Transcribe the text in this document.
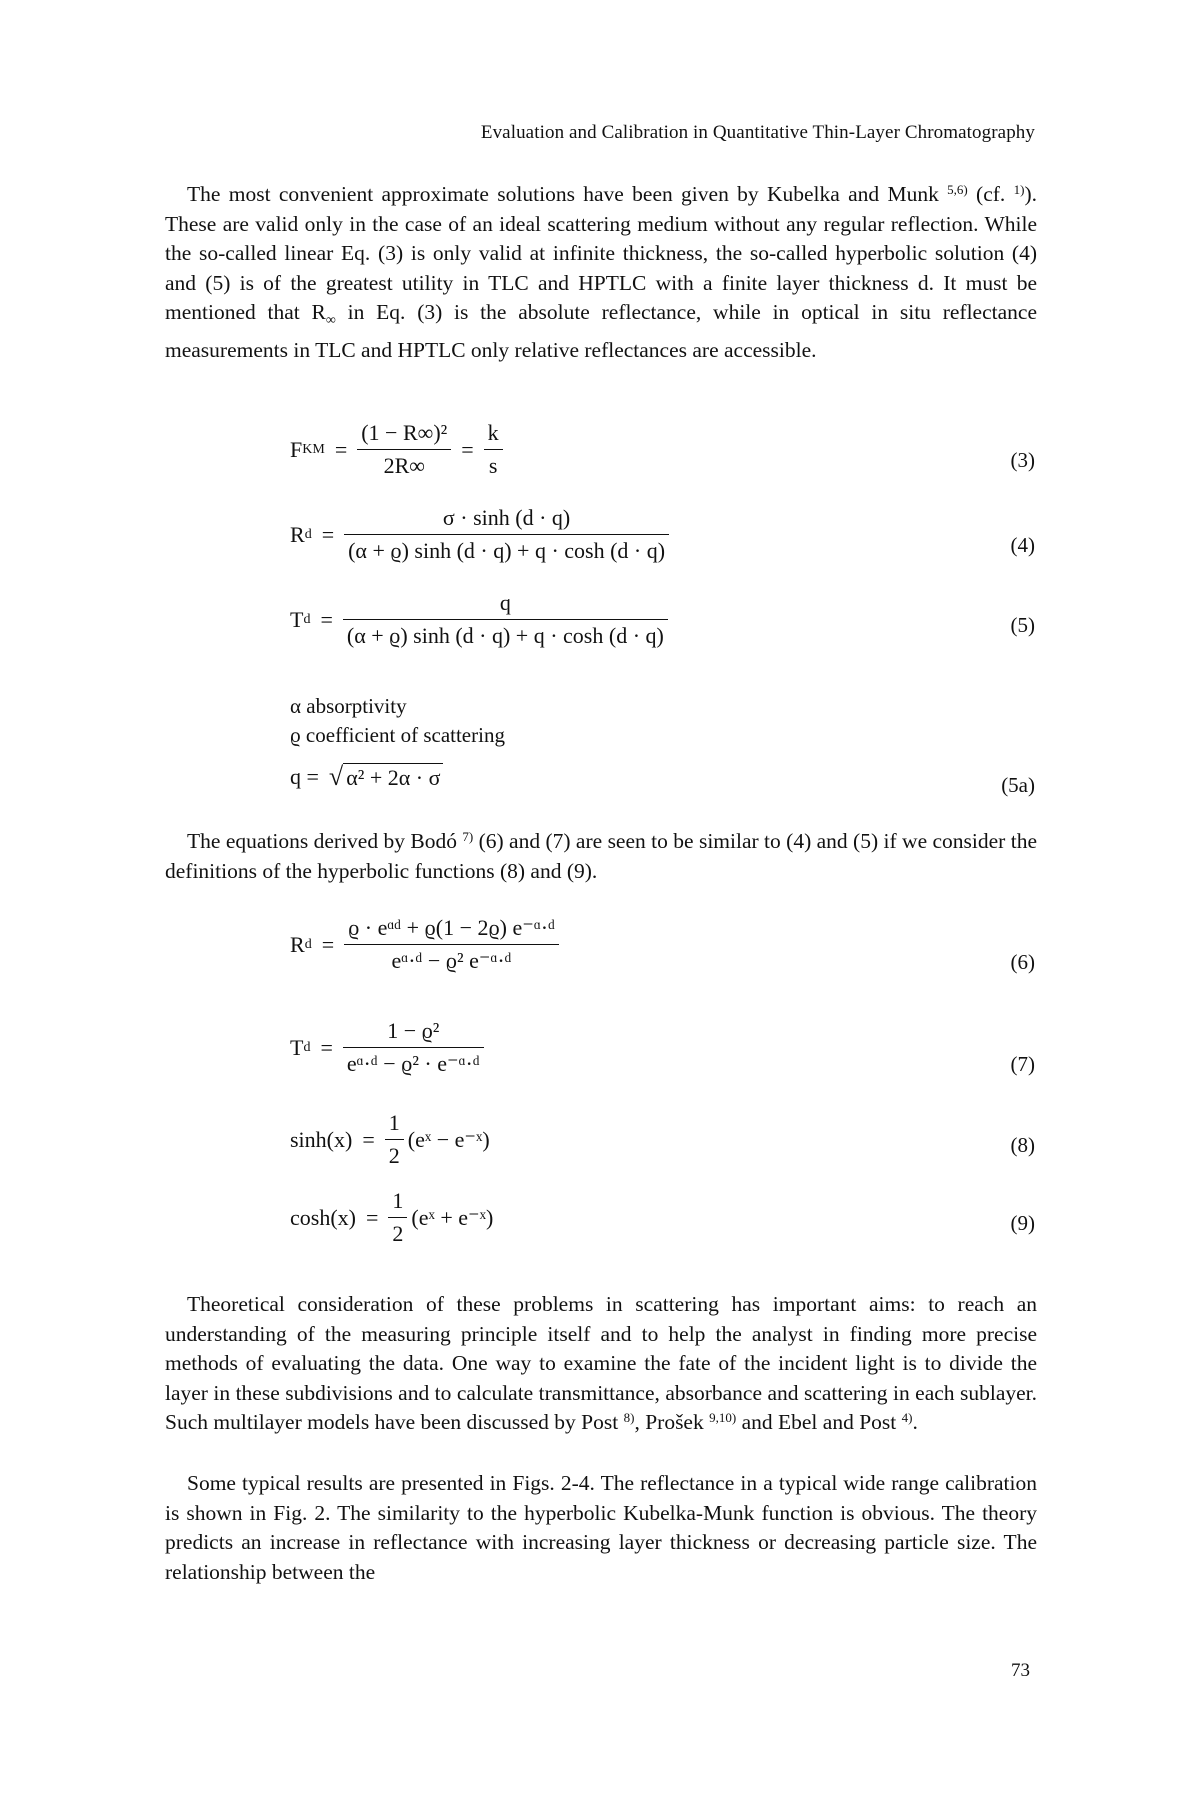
Evaluation and Calibration in Quantitative Thin-Layer Chromatography

The most convenient approximate solutions have been given by Kubelka and Munk $^{5,6)}$ (cf. $^{1)}$). These are valid only in the case of an ideal scattering medium without any regular reflection. While the so-called linear Eq. (3) is only valid at infinite thickness, the so-called hyperbolic solution (4) and (5) is of the greatest utility in TLC and HPTLC with a finite layer thickness d. It must be mentioned that $R_\infty$ in Eq. (3) is the absolute reflectance, while in optical in situ reflectance measurements in TLC and HPTLC only relative reflectances are accessible.

F KM = $\frac{\text{(1 − R∞)²}}{2R\infty} = \frac{k}{s}$	(3)
R $d = \frac{\sigma \cdot \sinh (d \cdot q)}{(\alpha + ϱ) \sinh (d \cdot q) + q \cdot \cosh (d \cdot q)}$	(4)
T $d = \frac{q}{(\alpha + ϱ) \sinh (d \cdot q) + q \cdot \cosh (d \cdot q)}$	(5)
α absorptivity
ϱ coefficient of scattering
q = √ α² + 2α · σ	(5a)

The equations derived by Bodó $^{7)}$ (6) and (7) are seen to be similar to (4) and (5) if we consider the definitions of the hyperbolic functions (8) and (9).

R $d = \frac{\text{ϱ · eᵅᵈ + ϱ(1 − 2ϱ) e⁻ᵅ·ᵈ}}{\text{eᵅ·ᵈ − ϱ² e⁻ᵅ·ᵈ}}$	(6)
T $d = \frac{\text{1 − ϱ²}}{\text{eᵅ·ᵈ − ϱ² · e⁻ᵅ·ᵈ}}$	(7)
$\sinh(x) = \frac{1}{2}$ (eˣ − e⁻ˣ)	(8)
$\cosh(x) = \frac{1}{2}$ (eˣ + e⁻ˣ)	(9)

Theoretical consideration of these problems in scattering has important aims: to reach an understanding of the measuring principle itself and to help the analyst in finding more precise methods of evaluating the data. One way to examine the fate of the incident light is to divide the layer in these subdivisions and to calculate transmittance, absorbance and scattering in each sublayer. Such multilayer models have been discussed by Post $^{8)}$, Prošek $^{9,10)}$ and Ebel and Post $^{4)}$.

Some typical results are presented in Figs. 2-4. The reflectance in a typical wide range calibration is shown in Fig. 2. The similarity to the hyperbolic Kubelka-Munk function is obvious. The theory predicts an increase in reflectance with increasing layer thickness or decreasing particle size. The relationship between the

73
